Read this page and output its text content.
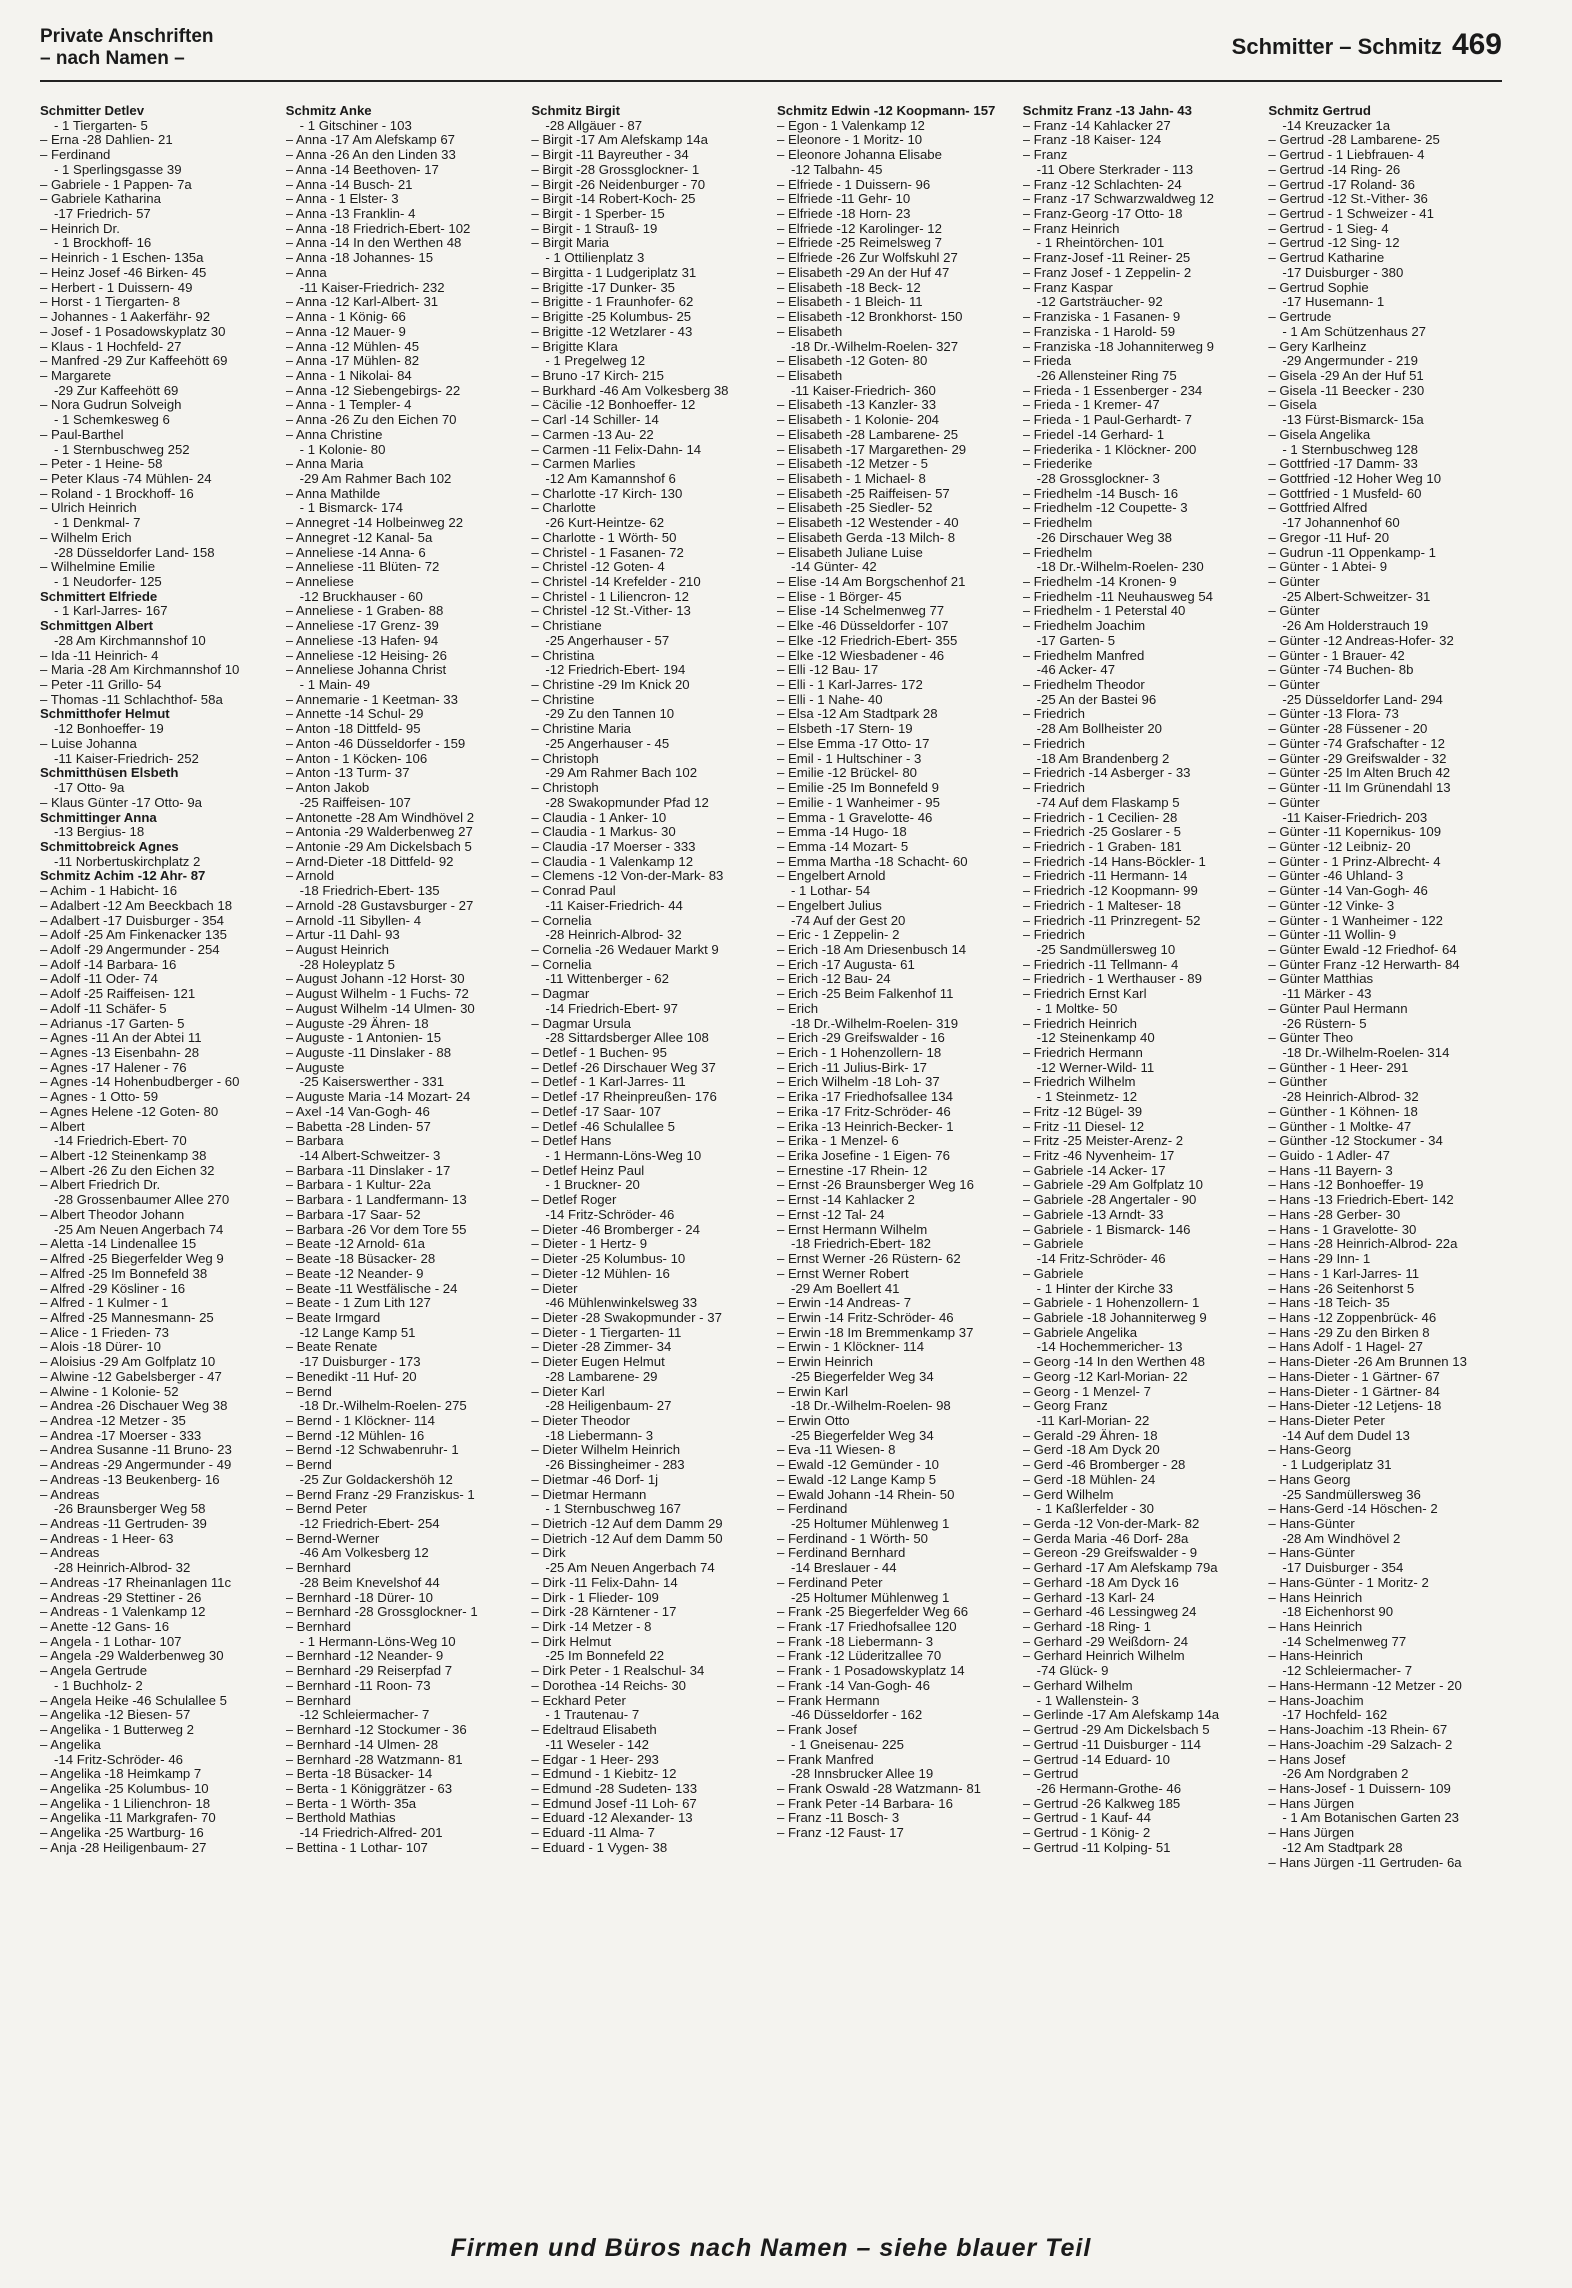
Private Anschriften
– nach Namen –	Schmitter – Schmitz 469
Schmitter Detlev
- 1 Tiergarten- 5
– Erna -28 Dahlien- 21
– Ferdinand
- 1 Sperlingsgasse 39
– Gabriele - 1 Pappen- 7a
– Gabriele Katharina
-17 Friedrich- 57
– Heinrich Dr.
- 1 Brockhoff- 16
– Heinrich - 1 Eschen- 135a
– Heinz Josef -46 Birken- 45
– Herbert - 1 Duissern- 49
– Horst - 1 Tiergarten- 8
– Johannes - 1 Aakerfähr- 92
– Josef - 1 Posadowskyplatz 30
– Klaus - 1 Hochfeld- 27
– Manfred -29 Zur Kaffeehött 69
– Margarete
-29 Zur Kaffeehött 69
– Nora Gudrun Solveigh
- 1 Schemkesweg 6
– Paul-Barthel
- 1 Sternbuschweg 252
– Peter - 1 Heine- 58
– Peter Klaus -74 Mühlen- 24
– Roland - 1 Brockhoff- 16
– Ulrich Heinrich
- 1 Denkmal- 7
– Wilhelm Erich
-28 Düsseldorfer Land- 158
– Wilhelmine Emilie
- 1 Neudorfer- 125
Schmittert Elfriede
- 1 Karl-Jarres- 167
Schmittgen Albert
-28 Am Kirchmannshof 10
– Ida -11 Heinrich- 4
– Maria -28 Am Kirchmannshof 10
– Peter -11 Grillo- 54
– Thomas -11 Schlachthof- 58a
Schmitthofer Helmut
-12 Bonhoeffer- 19
– Luise Johanna
-11 Kaiser-Friedrich- 252
Schmitthüsen Elsbeth
-17 Otto- 9a
– Klaus Günter -17 Otto- 9a
Schmittinger Anna
-13 Bergius- 18
Schmittobreick Agnes
-11 Norbertuskirchplatz 2
Schmitz Achim -12 Ahr- 87
– Achim - 1 Habicht- 16
– Adalbert -12 Am Beeckbach 18
– Adalbert -17 Duisburger - 354
– Adolf -25 Am Finkenacker 135
– Adolf -29 Angermunder - 254
– Adolf -14 Barbara- 16
– Adolf -11 Oder- 74
– Adolf -25 Raiffeisen- 121
– Adolf -11 Schäfer- 5
– Adrianus -17 Garten- 5
– Agnes -11 An der Abtei 11
– Agnes -13 Eisenbahn- 28
– Agnes -17 Halener - 76
– Agnes -14 Hohenbudberger - 60
– Agnes - 1 Otto- 59
– Agnes Helene -12 Goten- 80
– Albert
-14 Friedrich-Ebert- 70
– Albert -12 Steinenkamp 38
– Albert -26 Zu den Eichen 32
– Albert Friedrich Dr.
-28 Grossenbaumer Allee 270
– Albert Theodor Johann
-25 Am Neuen Angerbach 74
– Aletta -14 Lindenallee 15
– Alfred -25 Biegerfelder Weg 9
– Alfred -25 Im Bonnefeld 38
– Alfred -29 Kösliner - 16
– Alfred - 1 Kulmer - 1
– Alfred -25 Mannesmann- 25
– Alice - 1 Frieden- 73
– Alois -18 Dürer- 10
– Aloisius -29 Am Golfplatz 10
– Alwine -12 Gabelsberger - 47
– Alwine - 1 Kolonie- 52
– Andrea -26 Dischauer Weg 38
– Andrea -12 Metzer - 35
– Andrea -17 Moerser - 333
– Andrea Susanne -11 Bruno- 23
– Andreas -29 Angermunder - 49
– Andreas -13 Beukenberg- 16
– Andreas
-26 Braunsberger Weg 58
– Andreas -11 Gertruden- 39
– Andreas - 1 Heer- 63
– Andreas
-28 Heinrich-Albrod- 32
– Andreas -17 Rheinanlagen 11c
– Andreas -29 Stettiner - 26
– Andreas - 1 Valenkamp 12
– Anette -12 Gans- 16
– Angela - 1 Lothar- 107
– Angela -29 Walderbenweg 30
– Angela Gertrude
- 1 Buchholz- 2
– Angela Heike -46 Schulallee 5
– Angelika -12 Biesen- 57
– Angelika - 1 Butterweg 2
– Angelika
-14 Fritz-Schröder- 46
– Angelika -18 Heimkamp 7
– Angelika -25 Kolumbus- 10
– Angelika - 1 Lilienchron- 18
– Angelika -11 Markgrafen- 70
– Angelika -25 Wartburg- 16
– Anja -28 Heiligenbaum- 27
Schmitz Anke
- 1 Gitschiner - 103
– Anna -17 Am Alefskamp 67
– Anna -26 An den Linden 33
– Anna -14 Beethoven- 17
– Anna -14 Busch- 21
– Anna - 1 Elster- 3
– Anna -13 Franklin- 4
– Anna -18 Friedrich-Ebert- 102
– Anna -14 In den Werthen 48
– Anna -18 Johannes- 15
– Anna
-11 Kaiser-Friedrich- 232
– Anna -12 Karl-Albert- 31
– Anna - 1 König- 66
– Anna -12 Mauer- 9
– Anna -12 Mühlen- 45
– Anna -17 Mühlen- 82
– Anna - 1 Nikolai- 84
– Anna -12 Siebengebirgs- 22
– Anna - 1 Templer- 4
– Anna -26 Zu den Eichen 70
– Anna Christine
- 1 Kolonie- 80
– Anna Maria
-29 Am Rahmer Bach 102
– Anna Mathilde
- 1 Bismarck- 174
– Annegret -14 Holbeinweg 22
– Annegret -12 Kanal- 5a
– Anneliese -14 Anna- 6
– Anneliese -11 Blüten- 72
– Anneliese
-12 Bruckhauser - 60
– Anneliese - 1 Graben- 88
– Anneliese -17 Grenz- 39
– Anneliese -13 Hafen- 94
– Anneliese -12 Heising- 26
– Anneliese Johanna Christ
- 1 Main- 49
– Annemarie - 1 Keetman- 33
– Annette -14 Schul- 29
– Anton -18 Dittfeld- 95
– Anton -46 Düsseldorfer - 159
– Anton - 1 Köcken- 106
– Anton -13 Turm- 37
– Anton Jakob
-25 Raiffeisen- 107
– Antonette -28 Am Windhövel 2
– Antonia -29 Walderbenweg 27
– Antonie -29 Am Dickelsbach 5
– Arnd-Dieter -18 Dittfeld- 92
– Arnold
-18 Friedrich-Ebert- 135
– Arnold -28 Gustavsburger - 27
– Arnold -11 Sibyllen- 4
– Artur -11 Dahl- 93
– August Heinrich
-28 Holeyplatz 5
– August Johann -12 Horst- 30
– August Wilhelm - 1 Fuchs- 72
– August Wilhelm -14 Ulmen- 30
– Auguste -29 Ähren- 18
– Auguste - 1 Antonien- 15
– Auguste -11 Dinslaker - 88
– Auguste
-25 Kaiserswerther - 331
– Auguste Maria -14 Mozart- 24
– Axel -14 Van-Gogh- 46
– Babetta -28 Linden- 57
– Barbara
-14 Albert-Schweitzer- 3
– Barbara -11 Dinslaker - 17
– Barbara - 1 Kultur- 22a
– Barbara - 1 Landfermann- 13
– Barbara -17 Saar- 52
– Barbara -26 Vor dem Tore 55
– Beate -12 Arnold- 61a
– Beate -18 Büsacker- 28
– Beate -12 Neander- 9
– Beate -11 Westfälische - 24
– Beate - 1 Zum Lith 127
– Beate Irmgard
-12 Lange Kamp 51
– Beate Renate
-17 Duisburger - 173
– Benedikt -11 Huf- 20
– Bernd
-18 Dr.-Wilhelm-Roelen- 275
– Bernd - 1 Klöckner- 114
– Bernd -12 Mühlen- 16
– Bernd -12 Schwabenruhr- 1
– Bernd
-25 Zur Goldackershöh 12
– Bernd Franz -29 Franziskus- 1
– Bernd Peter
-12 Friedrich-Ebert- 254
– Bernd-Werner
-46 Am Volkesberg 12
– Bernhard
-28 Beim Knevelshof 44
– Bernhard -18 Dürer- 10
– Bernhard -28 Grossglockner- 1
– Bernhard
- 1 Hermann-Löns-Weg 10
– Bernhard -12 Neander- 9
– Bernhard -29 Reiserpfad 7
– Bernhard -11 Roon- 73
– Bernhard
-12 Schleiermacher- 7
– Bernhard -12 Stockumer - 36
– Bernhard -14 Ulmen- 28
– Bernhard -28 Watzmann- 81
– Berta -18 Büsacker- 14
– Berta - 1 Königgrätzer - 63
– Berta - 1 Wörth- 35a
– Berthold Mathias
-14 Friedrich-Alfred- 201
– Bettina - 1 Lothar- 107
Schmitz Birgit
-28 Allgäuer - 87
– Birgit -17 Am Alefskamp 14a
– Birgit -11 Bayreuther - 34
– Birgit -28 Grossglockner- 1
– Birgit -26 Neidenburger - 70
– Birgit -14 Robert-Koch- 25
– Birgit - 1 Sperber- 15
– Birgit - 1 Strauß- 19
– Birgit Maria
- 1 Ottilienplatz 3
– Birgitta - 1 Ludgeriplatz 31
– Brigitte -17 Dunker- 35
– Brigitte - 1 Fraunhofer- 62
– Brigitte -25 Kolumbus- 25
– Brigitte -12 Wetzlarer - 43
– Brigitte Klara
- 1 Pregelweg 12
– Bruno -17 Kirch- 215
– Burkhard -46 Am Volkesberg 38
– Cäcilie -12 Bonhoeffer- 12
– Carl -14 Schiller- 14
– Carmen -13 Au- 22
– Carmen -11 Felix-Dahn- 14
– Carmen Marlies
-12 Am Kamannshof 6
– Charlotte -17 Kirch- 130
– Charlotte
-26 Kurt-Heintze- 62
– Charlotte - 1 Wörth- 50
– Christel - 1 Fasanen- 72
– Christel -12 Goten- 4
– Christel -14 Krefelder - 210
– Christel - 1 Liliencron- 12
– Christel -12 St.-Vither- 13
– Christiane
-25 Angerhauser - 57
– Christina
-12 Friedrich-Ebert- 194
– Christine -29 Im Knick 20
– Christine
-29 Zu den Tannen 10
– Christine Maria
-25 Angerhauser - 45
– Christoph
-29 Am Rahmer Bach 102
– Christoph
-28 Swakopmunder Pfad 12
– Claudia - 1 Anker- 10
– Claudia - 1 Markus- 30
– Claudia -17 Moerser - 333
– Claudia - 1 Valenkamp 12
– Clemens -12 Von-der-Mark- 83
– Conrad Paul
-11 Kaiser-Friedrich- 44
– Cornelia
-28 Heinrich-Albrod- 32
– Cornelia -26 Wedauer Markt 9
– Cornelia
-11 Wittenberger - 62
– Dagmar
-14 Friedrich-Ebert- 97
– Dagmar Ursula
-28 Sittardsberger Allee 108
– Detlef - 1 Buchen- 95
– Detlef -26 Dirschauer Weg 37
– Detlef - 1 Karl-Jarres- 11
– Detlef -17 Rheinpreußen- 176
– Detlef -17 Saar- 107
– Detlef -46 Schulallee 5
– Detlef Hans
- 1 Hermann-Löns-Weg 10
– Detlef Heinz Paul
- 1 Bruckner- 20
– Detlef Roger
-14 Fritz-Schröder- 46
– Dieter -46 Bromberger - 24
– Dieter - 1 Hertz- 9
– Dieter -25 Kolumbus- 10
– Dieter -12 Mühlen- 16
– Dieter
-46 Mühlenwinkelsweg 33
– Dieter -28 Swakopmunder - 37
– Dieter - 1 Tiergarten- 11
– Dieter -28 Zimmer- 34
– Dieter Eugen Helmut
-28 Lambarene- 29
– Dieter Karl
-28 Heiligenbaum- 27
– Dieter Theodor
-18 Liebermann- 3
– Dieter Wilhelm Heinrich
-26 Bissingheimer - 283
– Dietmar -46 Dorf- 1j
– Dietmar Hermann
- 1 Sternbuschweg 167
– Dietrich -12 Auf dem Damm 29
– Dietrich -12 Auf dem Damm 50
– Dirk
-25 Am Neuen Angerbach 74
– Dirk -11 Felix-Dahn- 14
– Dirk - 1 Flieder- 109
– Dirk -28 Kärntener - 17
– Dirk -14 Metzer - 8
– Dirk Helmut
-25 Im Bonnefeld 22
– Dirk Peter - 1 Realschul- 34
– Dorothea -14 Reichs- 30
– Eckhard Peter
- 1 Trautenau- 7
– Edeltraud Elisabeth
-11 Weseler - 142
– Edgar - 1 Heer- 293
– Edmund - 1 Kiebitz- 12
– Edmund -28 Sudeten- 133
– Edmund Josef -11 Loh- 67
– Eduard -12 Alexander- 13
– Eduard -11 Alma- 7
– Eduard - 1 Vygen- 38
Schmitz Edwin -12 Koopmann- 157
– Egon - 1 Valenkamp 12
– Eleonore - 1 Moritz- 10
– Eleonore Johanna Elisabe
-12 Talbahn- 45
– Elfriede - 1 Duissern- 96
– Elfriede -11 Gehr- 10
– Elfriede -18 Horn- 23
– Elfriede -12 Karolinger- 12
– Elfriede -25 Reimelsweg 7
– Elfriede -26 Zur Wolfskuhl 27
– Elisabeth -29 An der Huf 47
– Elisabeth -18 Beck- 12
– Elisabeth - 1 Bleich- 11
– Elisabeth -12 Bronkhorst- 150
– Elisabeth
-18 Dr.-Wilhelm-Roelen- 327
– Elisabeth -12 Goten- 80
– Elisabeth
-11 Kaiser-Friedrich- 360
– Elisabeth -13 Kanzler- 33
– Elisabeth - 1 Kolonie- 204
– Elisabeth -28 Lambarene- 25
– Elisabeth -17 Margarethen- 29
– Elisabeth -12 Metzer - 5
– Elisabeth - 1 Michael- 8
– Elisabeth -25 Raiffeisen- 57
– Elisabeth -25 Siedler- 52
– Elisabeth -12 Westender - 40
– Elisabeth Gerda -13 Milch- 8
– Elisabeth Juliane Luise
-14 Günter- 42
– Elise -14 Am Borgschenhof 21
– Elise - 1 Börger- 45
– Elise -14 Schelmenweg 77
– Elke -46 Düsseldorfer - 107
– Elke -12 Friedrich-Ebert- 355
– Elke -12 Wiesbadener - 46
– Elli -12 Bau- 17
– Elli - 1 Karl-Jarres- 172
– Elli - 1 Nahe- 40
– Elsa -12 Am Stadtpark 28
– Elsbeth -17 Stern- 19
– Else Emma -17 Otto- 17
– Emil - 1 Hultschiner - 3
– Emilie -12 Brückel- 80
– Emilie -25 Im Bonnefeld 9
– Emilie - 1 Wanheimer - 95
– Emma - 1 Gravelotte- 46
– Emma -14 Hugo- 18
– Emma -14 Mozart- 5
– Emma Martha -18 Schacht- 60
– Engelbert Arnold
- 1 Lothar- 54
– Engelbert Julius
-74 Auf der Gest 20
– Eric - 1 Zeppelin- 2
– Erich -18 Am Driesenbusch 14
– Erich -17 Augusta- 61
– Erich -12 Bau- 24
– Erich -25 Beim Falkenhof 11
– Erich
-18 Dr.-Wilhelm-Roelen- 319
– Erich -29 Greifswalder - 16
– Erich - 1 Hohenzollern- 18
– Erich -11 Julius-Birk- 17
– Erich Wilhelm -18 Loh- 37
– Erika -17 Friedhofsallee 134
– Erika -17 Fritz-Schröder- 46
– Erika -13 Heinrich-Becker- 1
– Erika - 1 Menzel- 6
– Erika Josefine - 1 Eigen- 76
– Ernestine -17 Rhein- 12
– Ernst -26 Braunsberger Weg 16
– Ernst -14 Kahlacker 2
– Ernst -12 Tal- 24
– Ernst Hermann Wilhelm
-18 Friedrich-Ebert- 182
– Ernst Werner -26 Rüstern- 62
– Ernst Werner Robert
-29 Am Boellert 41
– Erwin -14 Andreas- 7
– Erwin -14 Fritz-Schröder- 46
– Erwin -18 Im Bremmenkamp 37
– Erwin - 1 Klöckner- 114
– Erwin Heinrich
-25 Biegerfelder Weg 34
– Erwin Karl
-18 Dr.-Wilhelm-Roelen- 98
– Erwin Otto
-25 Biegerfelder Weg 34
– Eva -11 Wiesen- 8
– Ewald -12 Gemünder - 10
– Ewald -12 Lange Kamp 5
– Ewald Johann -14 Rhein- 50
– Ferdinand
-25 Holtumer Mühlenweg 1
– Ferdinand - 1 Wörth- 50
– Ferdinand Bernhard
-14 Breslauer - 44
– Ferdinand Peter
-25 Holtumer Mühlenweg 1
– Frank -25 Biegerfelder Weg 66
– Frank -17 Friedhofsallee 120
– Frank -18 Liebermann- 3
– Frank -12 Lüderitzallee 70
– Frank - 1 Posadowskyplatz 14
– Frank -14 Van-Gogh- 46
– Frank Hermann
-46 Düsseldorfer - 162
– Frank Josef
- 1 Gneisenau- 225
– Frank Manfred
-28 Innsbrucker Allee 19
– Frank Oswald -28 Watzmann- 81
– Frank Peter -14 Barbara- 16
– Franz -11 Bosch- 3
– Franz -12 Faust- 17
Schmitz Franz -13 Jahn- 43
– Franz -14 Kahlacker 27
– Franz -18 Kaiser- 124
– Franz
-11 Obere Sterkrader - 113
– Franz -12 Schlachten- 24
– Franz -17 Schwarzwaldweg 12
– Franz-Georg -17 Otto- 18
– Franz Heinrich
- 1 Rheintörchen- 101
– Franz-Josef -11 Reiner- 25
– Franz Josef - 1 Zeppelin- 2
– Franz Kaspar
-12 Gartsträucher- 92
– Franziska - 1 Fasanen- 9
– Franziska - 1 Harold- 59
– Franziska -18 Johanniterweg 9
– Frieda
-26 Allensteiner Ring 75
– Frieda - 1 Essenberger - 234
– Frieda - 1 Kremer- 47
– Frieda - 1 Paul-Gerhardt- 7
– Friedel -14 Gerhard- 1
– Friederika - 1 Klöckner- 200
– Friederike
-28 Grossglockner- 3
– Friedhelm -14 Busch- 16
– Friedhelm -12 Coupette- 3
– Friedhelm
-26 Dirschauer Weg 38
– Friedhelm
-18 Dr.-Wilhelm-Roelen- 230
– Friedhelm -14 Kronen- 9
– Friedhelm -11 Neuhausweg 54
– Friedhelm - 1 Peterstal 40
– Friedhelm Joachim
-17 Garten- 5
– Friedhelm Manfred
-46 Acker- 47
– Friedhelm Theodor
-25 An der Bastei 96
– Friedrich
-28 Am Bollheister 20
– Friedrich
-18 Am Brandenberg 2
– Friedrich -14 Asberger - 33
– Friedrich
-74 Auf dem Flaskamp 5
– Friedrich - 1 Cecilien- 28
– Friedrich -25 Goslarer - 5
– Friedrich - 1 Graben- 181
– Friedrich -14 Hans-Böckler- 1
– Friedrich -11 Hermann- 14
– Friedrich -12 Koopmann- 99
– Friedrich - 1 Malteser- 18
– Friedrich -11 Prinzregent- 52
– Friedrich
-25 Sandmüllersweg 10
– Friedrich -11 Tellmann- 4
– Friedrich - 1 Werthauser - 89
– Friedrich Ernst Karl
- 1 Moltke- 50
– Friedrich Heinrich
-12 Steinenkamp 40
– Friedrich Hermann
-12 Werner-Wild- 11
– Friedrich Wilhelm
- 1 Steinmetz- 12
– Fritz -12 Bügel- 39
– Fritz -11 Diesel- 12
– Fritz -25 Meister-Arenz- 2
– Fritz -46 Nyvenheim- 17
– Gabriele -14 Acker- 17
– Gabriele -29 Am Golfplatz 10
– Gabriele -28 Angertaler - 90
– Gabriele -13 Arndt- 33
– Gabriele - 1 Bismarck- 146
– Gabriele
-14 Fritz-Schröder- 46
– Gabriele
- 1 Hinter der Kirche 33
– Gabriele - 1 Hohenzollern- 1
– Gabriele -18 Johanniterweg 9
– Gabriele Angelika
-14 Hochemmericher- 13
– Georg -14 In den Werthen 48
– Georg -12 Karl-Morian- 22
– Georg - 1 Menzel- 7
– Georg Franz
-11 Karl-Morian- 22
– Gerald -29 Ähren- 18
– Gerd -18 Am Dyck 20
– Gerd -46 Bromberger - 28
– Gerd -18 Mühlen- 24
– Gerd Wilhelm
- 1 Kaßlerfelder - 30
– Gerda -12 Von-der-Mark- 82
– Gerda Maria -46 Dorf- 28a
– Gereon -29 Greifswalder - 9
– Gerhard -17 Am Alefskamp 79a
– Gerhard -18 Am Dyck 16
– Gerhard -13 Karl- 24
– Gerhard -46 Lessingweg 24
– Gerhard -18 Ring- 1
– Gerhard -29 Weißdorn- 24
– Gerhard Heinrich Wilhelm
-74 Glück- 9
– Gerhard Wilhelm
- 1 Wallenstein- 3
– Gerlinde -17 Am Alefskamp 14a
– Gertrud -29 Am Dickelsbach 5
– Gertrud -11 Duisburger - 114
– Gertrud -14 Eduard- 10
– Gertrud
-26 Hermann-Grothe- 46
– Gertrud -26 Kalkweg 185
– Gertrud - 1 Kauf- 44
– Gertrud - 1 König- 2
– Gertrud -11 Kolping- 51
Schmitz Gertrud
-14 Kreuzacker 1a
– Gertrud -28 Lambarene- 25
– Gertrud - 1 Liebfrauen- 4
– Gertrud -14 Ring- 26
– Gertrud -17 Roland- 36
– Gertrud -12 St.-Vither- 36
– Gertrud - 1 Schweizer - 41
– Gertrud - 1 Sieg- 4
– Gertrud -12 Sing- 12
– Gertrud Katharine
-17 Duisburger - 380
– Gertrud Sophie
-17 Husemann- 1
– Gertrude
- 1 Am Schützenhaus 27
– Gery Karlheinz
-29 Angermunder - 219
– Gisela -29 An der Huf 51
– Gisela -11 Beecker - 230
– Gisela
-13 Fürst-Bismarck- 15a
– Gisela Angelika
- 1 Sternbuschweg 128
– Gottfried -17 Damm- 33
– Gottfried -12 Hoher Weg 10
– Gottfried - 1 Musfeld- 60
– Gottfried Alfred
-17 Johannenhof 60
– Gregor -11 Huf- 20
– Gudrun -11 Oppenkamp- 1
– Günter - 1 Abtei- 9
– Günter
-25 Albert-Schweitzer- 31
– Günter
-26 Am Holderstrauch 19
– Günter -12 Andreas-Hofer- 32
– Günter - 1 Brauer- 42
– Günter -74 Buchen- 8b
– Günter
-25 Düsseldorfer Land- 294
– Günter -13 Flora- 73
– Günter -28 Füssener - 20
– Günter -74 Grafschafter - 12
– Günter -29 Greifswalder - 32
– Günter -25 Im Alten Bruch 42
– Günter -11 Im Grünendahl 13
– Günter
-11 Kaiser-Friedrich- 203
– Günter -11 Kopernikus- 109
– Günter -12 Leibniz- 20
– Günter - 1 Prinz-Albrecht- 4
– Günter -46 Uhland- 3
– Günter -14 Van-Gogh- 46
– Günter -12 Vinke- 3
– Günter - 1 Wanheimer - 122
– Günter -11 Wollin- 9
– Günter Ewald -12 Friedhof- 64
– Günter Franz -12 Herwarth- 84
– Günter Matthias
-11 Märker - 43
– Günter Paul Hermann
-26 Rüstern- 5
– Günter Theo
-18 Dr.-Wilhelm-Roelen- 314
– Günther - 1 Heer- 291
– Günther
-28 Heinrich-Albrod- 32
– Günther - 1 Köhnen- 18
– Günther - 1 Moltke- 47
– Günther -12 Stockumer - 34
– Guido - 1 Adler- 47
– Hans -11 Bayern- 3
– Hans -12 Bonhoeffer- 19
– Hans -13 Friedrich-Ebert- 142
– Hans -28 Gerber- 30
– Hans - 1 Gravelotte- 30
– Hans -28 Heinrich-Albrod- 22a
– Hans -29 Inn- 1
– Hans - 1 Karl-Jarres- 11
– Hans -26 Seitenhorst 5
– Hans -18 Teich- 35
– Hans -12 Zoppenbrück- 46
– Hans -29 Zu den Birken 8
– Hans Adolf - 1 Hagel- 27
– Hans-Dieter -26 Am Brunnen 13
– Hans-Dieter - 1 Gärtner- 67
– Hans-Dieter - 1 Gärtner- 84
– Hans-Dieter -12 Letjens- 18
– Hans-Dieter Peter
-14 Auf dem Dudel 13
– Hans-Georg
- 1 Ludgeriplatz 31
– Hans Georg
-25 Sandmüllersweg 36
– Hans-Gerd -14 Höschen- 2
– Hans-Günter
-28 Am Windhövel 2
– Hans-Günter
-17 Duisburger - 354
– Hans-Günter - 1 Moritz- 2
– Hans Heinrich
-18 Eichenhorst 90
– Hans Heinrich
-14 Schelmenweg 77
– Hans-Heinrich
-12 Schleiermacher- 7
– Hans-Hermann -12 Metzer - 20
– Hans-Joachim
-17 Hochfeld- 162
– Hans-Joachim -13 Rhein- 67
– Hans-Joachim -29 Salzach- 2
– Hans Josef
-26 Am Nordgraben 2
– Hans-Josef - 1 Duissern- 109
– Hans Jürgen
- 1 Am Botanischen Garten 23
– Hans Jürgen
-12 Am Stadtpark 28
– Hans Jürgen -11 Gertruden- 6a
Firmen und Büros nach Namen – siehe blauer Teil
